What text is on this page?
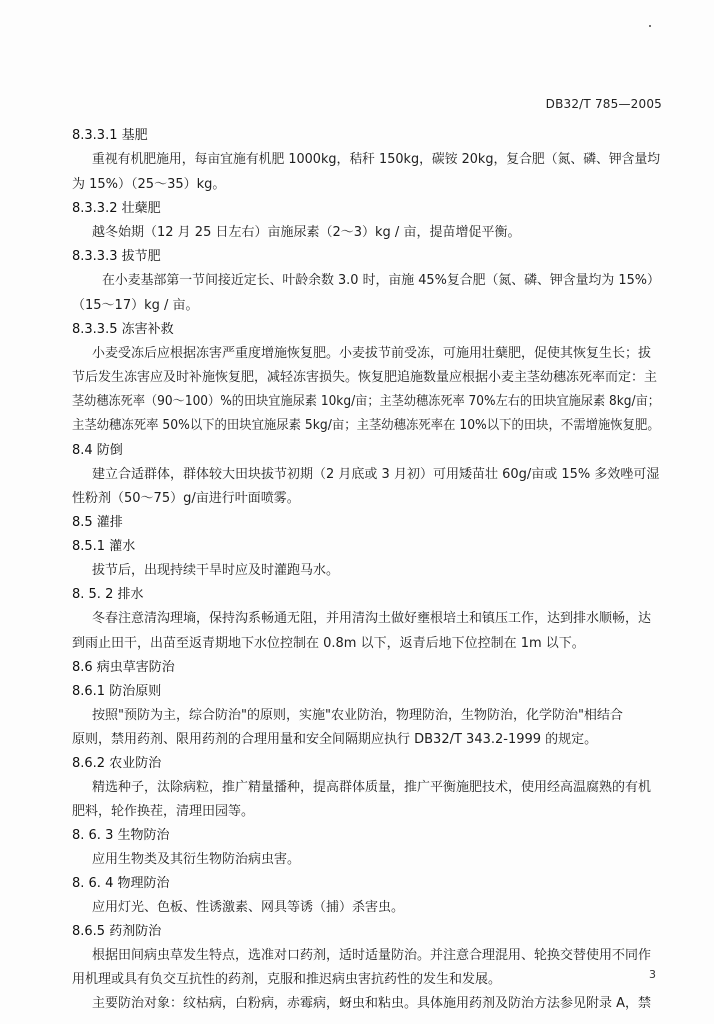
DB32/T 785—2005
8.3.3.1 基肥
重视有机肥施用，每亩宜施有机肥 1000kg，秸秆 150kg，碳铵 20kg，复合肥（氮、磷、钾含量均
为 15%）（25～35）kg。
8.3.3.2 壮蘖肥
越冬始期（12 月 25 日左右）亩施尿素（2～3）kg / 亩，提苗增促平衡。
8.3.3.3 拔节肥
在小麦基部第一节间接近定长、叶龄余数 3.0 时，亩施 45%复合肥（氮、磷、钾含量均为 15%）
（15～17）kg / 亩。
8.3.3.5 冻害补救
小麦受冻后应根据冻害严重度增施恢复肥。小麦拔节前受冻，可施用壮蘖肥，促使其恢复生长；拔
节后发生冻害应及时补施恢复肥，减轻冻害损失。恢复肥追施数量应根据小麦主茎幼穗冻死率而定：主
茎幼穗冻死率（90～100）%的田块宜施尿素 10kg/亩；主茎幼穗冻死率 70%左右的田块宜施尿素 8kg/亩；
主茎幼穗冻死率 50%以下的田块宜施尿素 5kg/亩；主茎幼穗冻死率在 10%以下的田块，不需增施恢复肥。
8.4 防倒
建立合适群体，群体较大田块拔节初期（2 月底或 3 月初）可用矮苗壮 60g/亩或 15% 多效唑可湿
性粉剂（50～75）g/亩进行叶面喷雾。
8.5 灌排
8.5.1 灌水
拔节后，出现持续干旱时应及时灌跑马水。
8. 5. 2 排水
冬春注意清沟理墒，保持沟系畅通无阻，并用清沟土做好壅根培土和镇压工作，达到排水顺畅，达
到雨止田干，出苗至返青期地下水位控制在 0.8m 以下，返青后地下位控制在 1m 以下。
8.6 病虫草害防治
8.6.1 防治原则
按照"预防为主，综合防治"的原则，实施"农业防治，物理防治，生物防治，化学防治"相结合
原则，禁用药剂、限用药剂的合理用量和安全间隔期应执行 DB32/T 343.2-1999 的规定。
8.6.2 农业防治
精选种子，汰除病粒，推广精量播种，提高群体质量，推广平衡施肥技术，使用经高温腐熟的有机
肥料，轮作换茬，清理田园等。
8. 6. 3 生物防治
应用生物类及其衍生物防治病虫害。
8. 6. 4 物理防治
应用灯光、色板、性诱激素、网具等诱（捕）杀害虫。
8.6.5 药剂防治
根据田间病虫草发生特点，选准对口药剂，适时适量防治。并注意合理混用、轮换交替使用不同作
用机理或具有负交互抗性的药剂，克服和推迟病虫害抗药性的发生和发展。
主要防治对象：纹枯病，白粉病，赤霉病，蚜虫和粘虫。具体施用药剂及防治方法参见附录 A，禁
3
